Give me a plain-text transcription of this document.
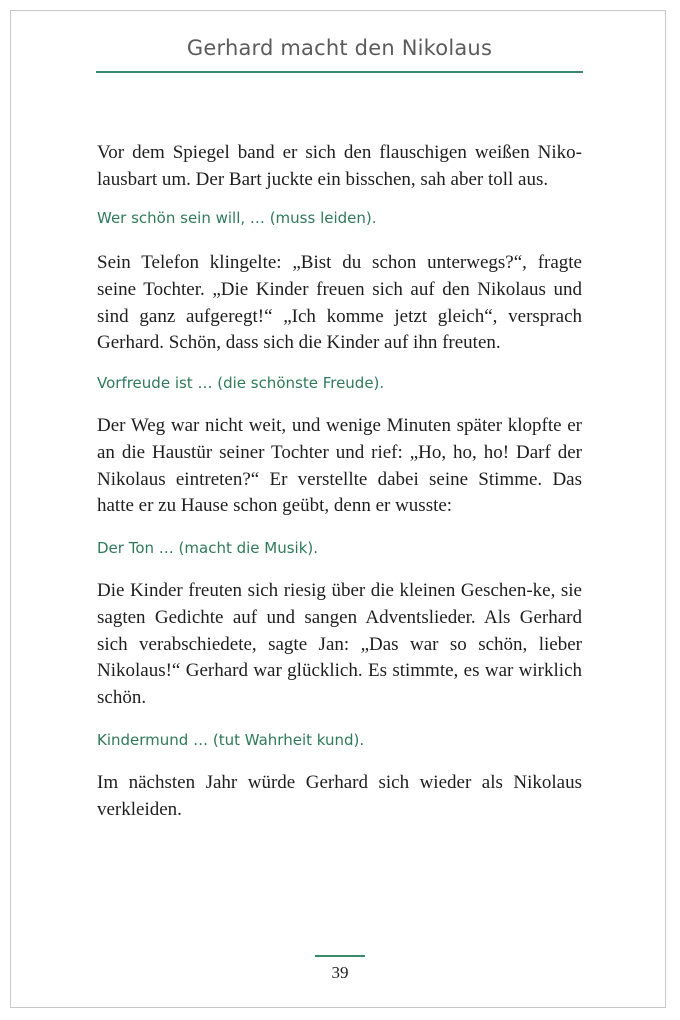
Gerhard macht den Nikolaus

Vor dem Spiegel band er sich den flauschigen weißen Niko-lausbart um. Der Bart juckte ein bisschen, sah aber toll aus.

Wer schön sein will, … (muss leiden).

Sein Telefon klingelte: „Bist du schon unterwegs?“, fragte seine Tochter. „Die Kinder freuen sich auf den Nikolaus und sind ganz aufgeregt!“ „Ich komme jetzt gleich“, versprach Gerhard. Schön, dass sich die Kinder auf ihn freuten.

Vorfreude ist … (die schönste Freude).

Der Weg war nicht weit, und wenige Minuten später klopfte er an die Haustür seiner Tochter und rief: „Ho, ho, ho! Darf der Nikolaus eintreten?“ Er verstellte dabei seine Stimme. Das hatte er zu Hause schon geübt, denn er wusste:

Der Ton … (macht die Musik).

Die Kinder freuten sich riesig über die kleinen Geschen-ke, sie sagten Gedichte auf und sangen Adventslieder. Als Gerhard sich verabschiedete, sagte Jan: „Das war so schön, lieber Nikolaus!“ Gerhard war glücklich. Es stimmte, es war wirklich schön.

Kindermund … (tut Wahrheit kund).

Im nächsten Jahr würde Gerhard sich wieder als Nikolaus verkleiden.

39
